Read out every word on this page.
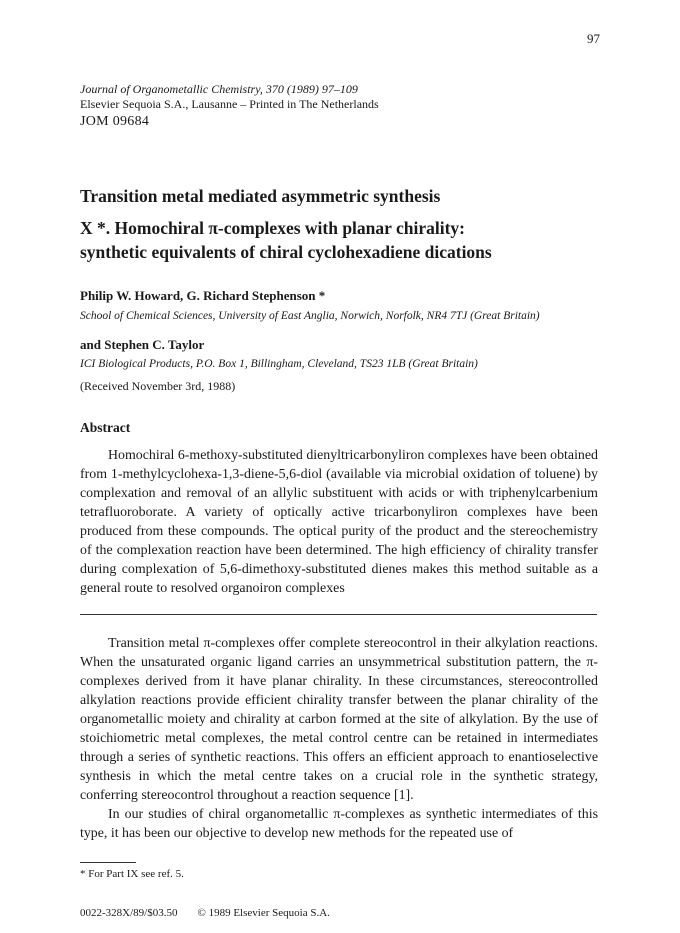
97
Journal of Organometallic Chemistry, 370 (1989) 97–109
Elsevier Sequoia S.A., Lausanne – Printed in The Netherlands
JOM 09684
Transition metal mediated asymmetric synthesis
X *. Homochiral π-complexes with planar chirality:
synthetic equivalents of chiral cyclohexadiene dications
Philip W. Howard, G. Richard Stephenson *
School of Chemical Sciences, University of East Anglia, Norwich, Norfolk, NR4 7TJ (Great Britain)
and Stephen C. Taylor
ICI Biological Products, P.O. Box 1, Billingham, Cleveland, TS23 1LB (Great Britain)
(Received November 3rd, 1988)
Abstract

Homochiral 6-methoxy-substituted dienyltricarbonyliron complexes have been obtained from 1-methylcyclohexa-1,3-diene-5,6-diol (available via microbial oxidation of toluene) by complexation and removal of an allylic substituent with acids or with triphenylcarbenium tetrafluoroborate. A variety of optically active tricarbonyliron complexes have been produced from these compounds. The optical purity of the product and the stereochemistry of the complexation reaction have been determined. The high efficiency of chirality transfer during complexation of 5,6-dimethoxy-substituted dienes makes this method suitable as a general route to resolved organoiron complexes

Transition metal π-complexes offer complete stereocontrol in their alkylation reactions. When the unsaturated organic ligand carries an unsymmetrical substitution pattern, the π-complexes derived from it have planar chirality. In these circumstances, stereocontrolled alkylation reactions provide efficient chirality transfer between the planar chirality of the organometallic moiety and chirality at carbon formed at the site of alkylation. By the use of stoichiometric metal complexes, the metal control centre can be retained in intermediates through a series of synthetic reactions. This offers an efficient approach to enantioselective synthesis in which the metal centre takes on a crucial role in the synthetic strategy, conferring stereocontrol throughout a reaction sequence [1].

In our studies of chiral organometallic π-complexes as synthetic intermediates of this type, it has been our objective to develop new methods for the repeated use of

* For Part IX see ref. 5.
0022-328X/89/$03.50 © 1989 Elsevier Sequoia S.A.
